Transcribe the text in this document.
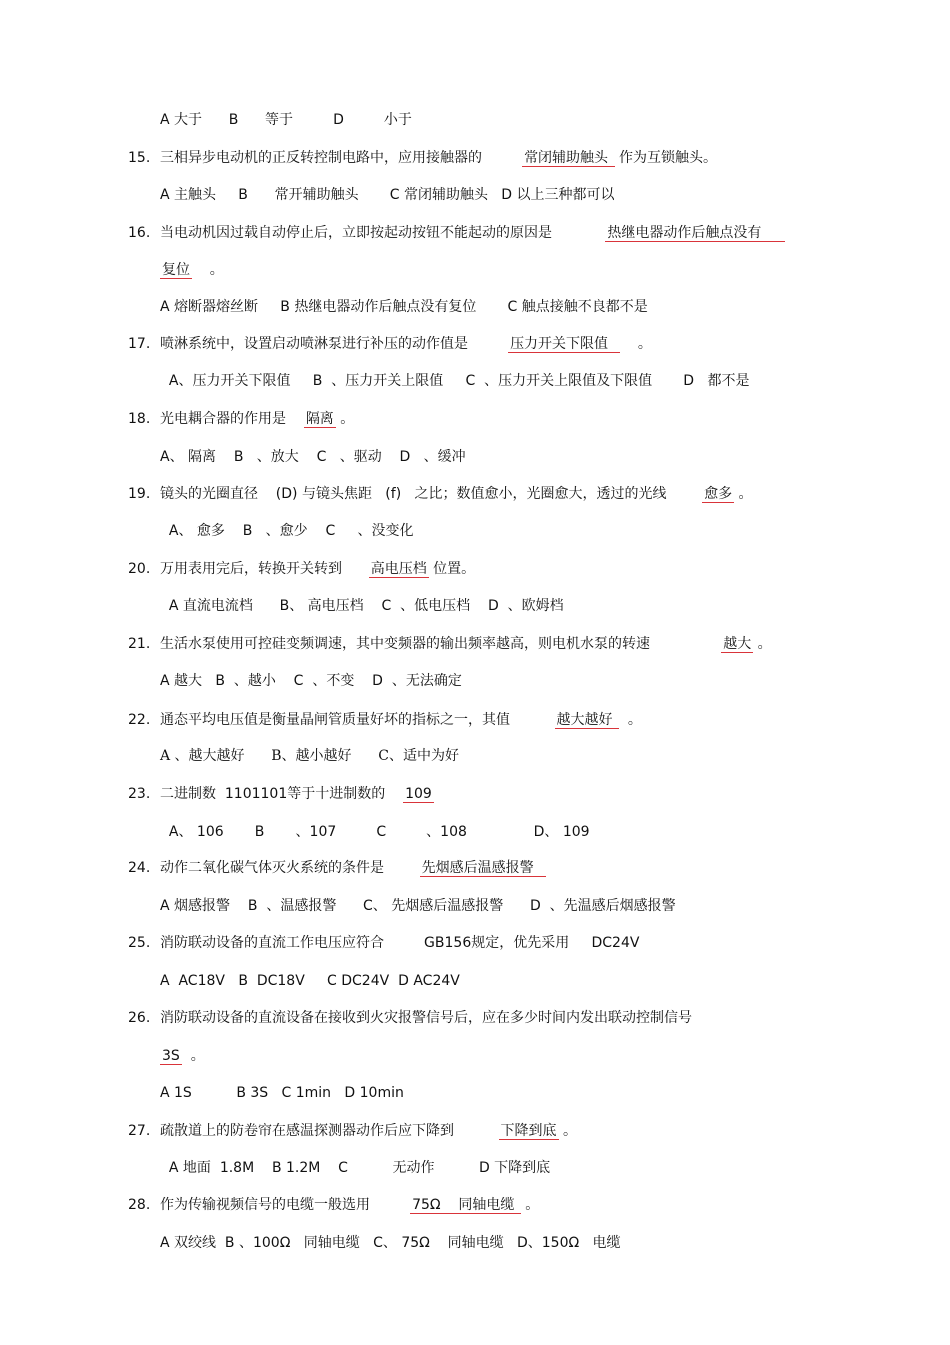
A 大于      B      等于         D         小于
15. 三相异步电动机的正反转控制电路中，应用接触器的         常闭辅助触头  作为互锁触头。
A 主触头     B      常开辅助触头       C 常闭辅助触头   D 以上三种都可以
16. 当电动机因过载自动停止后，立即按起动按钮不能起动的原因是            热继电器动作后触点没有
复位    。
A 熔断器熔丝断     B 热继电器动作后触点没有复位       C 触点接触不良都不是
17. 喷淋系统中，设置启动喷淋泵进行补压的动作值是         压力开关下限值    。
A、压力开关下限值     B  、压力开关上限值     C  、压力开关上限值及下限值       D   都不是
18. 光电耦合器的作用是    隔离 。
A、 隔离    B   、放大    C   、驱动    D   、缓冲
19. 镜头的光圈直径    (D) 与镜头焦距   (f)   之比；数值愈小，光圈愈大，透过的光线        愈多 。
A、 愈多    B   、愈少    C     、没变化
20. 万用表用完后，转换开关转到      高电压档 位置。
A 直流电流档      B、 高电压档    C  、低电压档    D  、欧姆档
21. 生活水泵使用可控硅变频调速，其中变频器的输出频率越高，则电机水泵的转速                越大 。
A 越大   B  、越小    C  、不变    D  、无法确定
22. 通态平均电压值是衡量晶闸管质量好坏的指标之一，其值          越大越好   。
A 、越大越好      B、越小越好      C、适中为好
23. 二进制数  1101101等于十进制数的    109
A、 106       B       、107         C         、108               D、 109
24. 动作二氧化碳气体灭火系统的条件是        先烟感后温感报警
A 烟感报警    B  、温感报警      C、 先烟感后温感报警      D  、先温感后烟感报警
25. 消防联动设备的直流工作电压应符合         GB156规定，优先采用     DC24V
A  AC18V   B  DC18V     C DC24V  D AC24V
26. 消防联动设备的直流设备在接收到火灾报警信号后，应在多少时间内发出联动控制信号
3S  。
A 1S          B 3S   C 1min   D 10min
27. 疏散道上的防卷帘在感温探测器动作后应下降到          下降到底 。
A 地面  1.8M    B 1.2M    C          无动作          D 下降到底
28. 作为传输视频信号的电缆一般选用         75Ω    同轴电缆  。
A 双绞线  B 、100Ω   同轴电缆   C、 75Ω    同轴电缆   D、150Ω   电缆
